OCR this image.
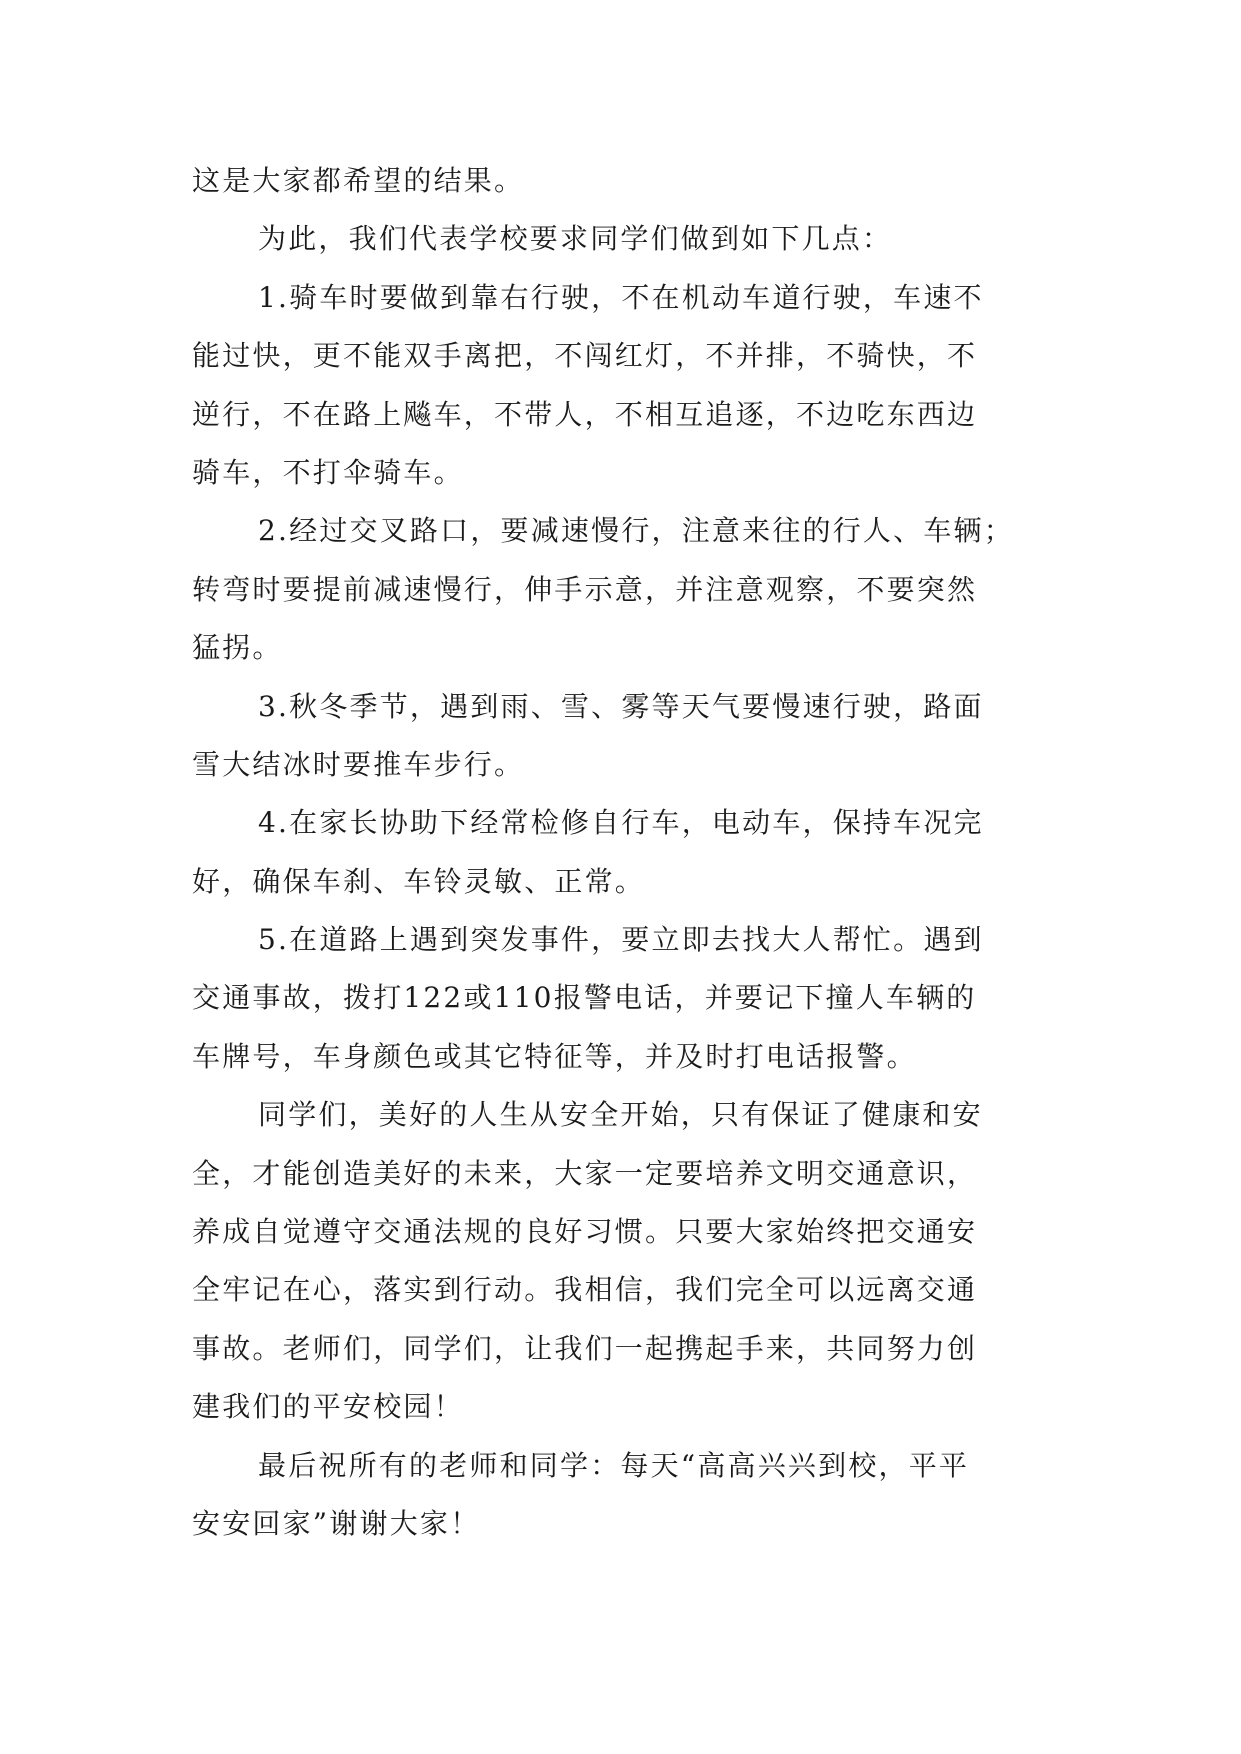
这是大家都希望的结果。
为此，我们代表学校要求同学们做到如下几点：
1.骑车时要做到靠右行驶，不在机动车道行驶，车速不
能过快，更不能双手离把，不闯红灯，不并排，不骑快，不
逆行，不在路上飚车，不带人，不相互追逐，不边吃东西边
骑车，不打伞骑车。
2.经过交叉路口，要减速慢行，注意来往的行人、车辆；
转弯时要提前减速慢行，伸手示意，并注意观察，不要突然
猛拐。
3.秋冬季节，遇到雨、雪、雾等天气要慢速行驶，路面
雪大结冰时要推车步行。
4.在家长协助下经常检修自行车，电动车，保持车况完
好，确保车刹、车铃灵敏、正常。
5.在道路上遇到突发事件，要立即去找大人帮忙。遇到
交通事故，拨打122或110报警电话，并要记下撞人车辆的
车牌号，车身颜色或其它特征等，并及时打电话报警。
同学们，美好的人生从安全开始，只有保证了健康和安
全，才能创造美好的未来，大家一定要培养文明交通意识，
养成自觉遵守交通法规的良好习惯。只要大家始终把交通安
全牢记在心，落实到行动。我相信，我们完全可以远离交通
事故。老师们，同学们，让我们一起携起手来，共同努力创
建我们的平安校园！
最后祝所有的老师和同学：每天“高高兴兴到校，平平
安安回家”谢谢大家！
